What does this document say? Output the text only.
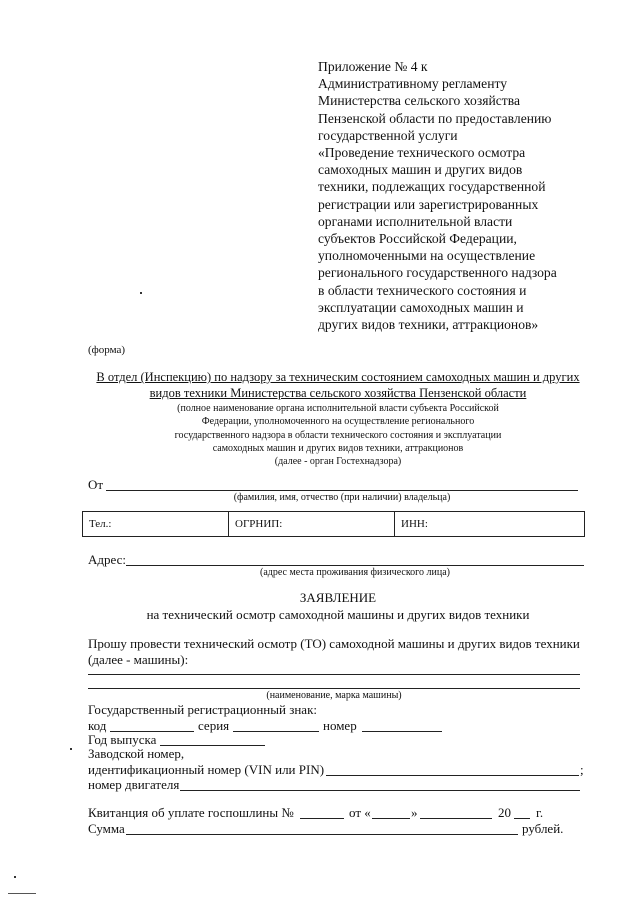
Приложение № 4 к
Административному регламенту
Министерства сельского хозяйства
Пензенской области по предоставлению
государственной услуги
«Проведение технического осмотра
самоходных машин и других видов
техники, подлежащих государственной
регистрации или зарегистрированных
органами исполнительной власти
субъектов Российской Федерации,
уполномоченными на осуществление
регионального государственного надзора
в области технического состояния и
эксплуатации самоходных машин и
других видов техники, аттракционов»
(форма)
В отдел (Инспекцию) по надзору за техническим состоянием самоходных машин и других
видов техники Министерства сельского хозяйства Пензенской области
(полное наименование органа исполнительной власти субъекта Российской
Федерации, уполномоченного на осуществление регионального
государственного надзора в области технического состояния и эксплуатации
самоходных машин и других видов техники, аттракционов
(далее - орган Гостехнадзора)
От
(фамилия, имя, отчество (при наличии) владельца)
Тел.:	ОГРНИП:	ИНН:
Адрес:
(адрес места проживания физического лица)
ЗАЯВЛЕНИЕ
на технический осмотр самоходной машины и других видов техники
Прошу провести технический осмотр (ТО) самоходной машины и других видов техники
(далее - машины):
(наименование, марка машины)
Государственный регистрационный знак:
код	серия	номер
Год выпуска
Заводской номер,
идентификационный номер (VIN или PIN)	;
номер двигателя
Квитанция об уплате госпошлины №	от «	»	20 г.
Сумма	рублей.
